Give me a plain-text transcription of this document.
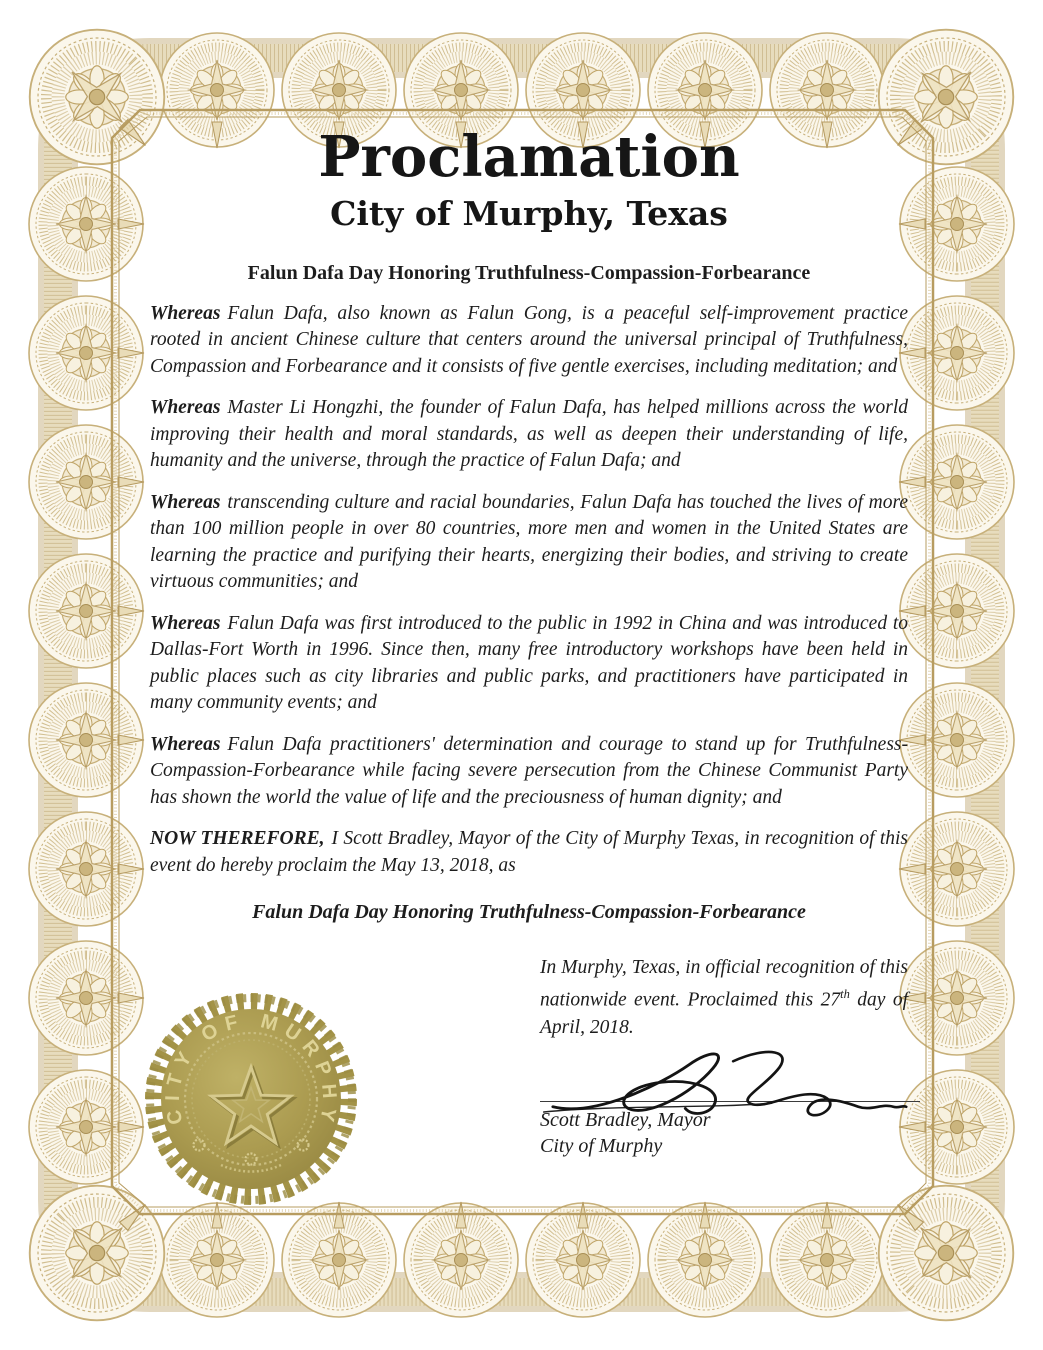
Proclamation
City of Murphy, Texas
Falun Dafa Day Honoring Truthfulness-Compassion-Forbearance

Whereas Falun Dafa, also known as Falun Gong, is a peaceful self-improvement practice rooted in ancient Chinese culture that centers around the universal principal of Truthfulness, Compassion and Forbearance and it consists of five gentle exercises, including meditation; and

Whereas Master Li Hongzhi, the founder of Falun Dafa, has helped millions across the world improving their health and moral standards, as well as deepen their understanding of life, humanity and the universe, through the practice of Falun Dafa; and

Whereas transcending culture and racial boundaries, Falun Dafa has touched the lives of more than 100 million people in over 80 countries, more men and women in the United States are learning the practice and purifying their hearts, energizing their bodies, and striving to create virtuous communities; and

Whereas Falun Dafa was first introduced to the public in 1992 in China and was introduced to Dallas-Fort Worth in 1996. Since then, many free introductory workshops have been held in public places such as city libraries and public parks, and practitioners have participated in many community events; and

Whereas Falun Dafa practitioners' determination and courage to stand up for Truthfulness-Compassion-Forbearance while facing severe persecution from the Chinese Communist Party has shown the world the value of life and the preciousness of human dignity; and

NOW THEREFORE, I Scott Bradley, Mayor of the City of Murphy Texas, in recognition of this event do hereby proclaim the May 13, 2018, as

Falun Dafa Day Honoring Truthfulness-Compassion-Forbearance

In Murphy, Texas, in official recognition of this nationwide event. Proclaimed this 27th day of April, 2018.

Scott Bradley, Mayor

City of Murphy

CITY OF MURPHY
